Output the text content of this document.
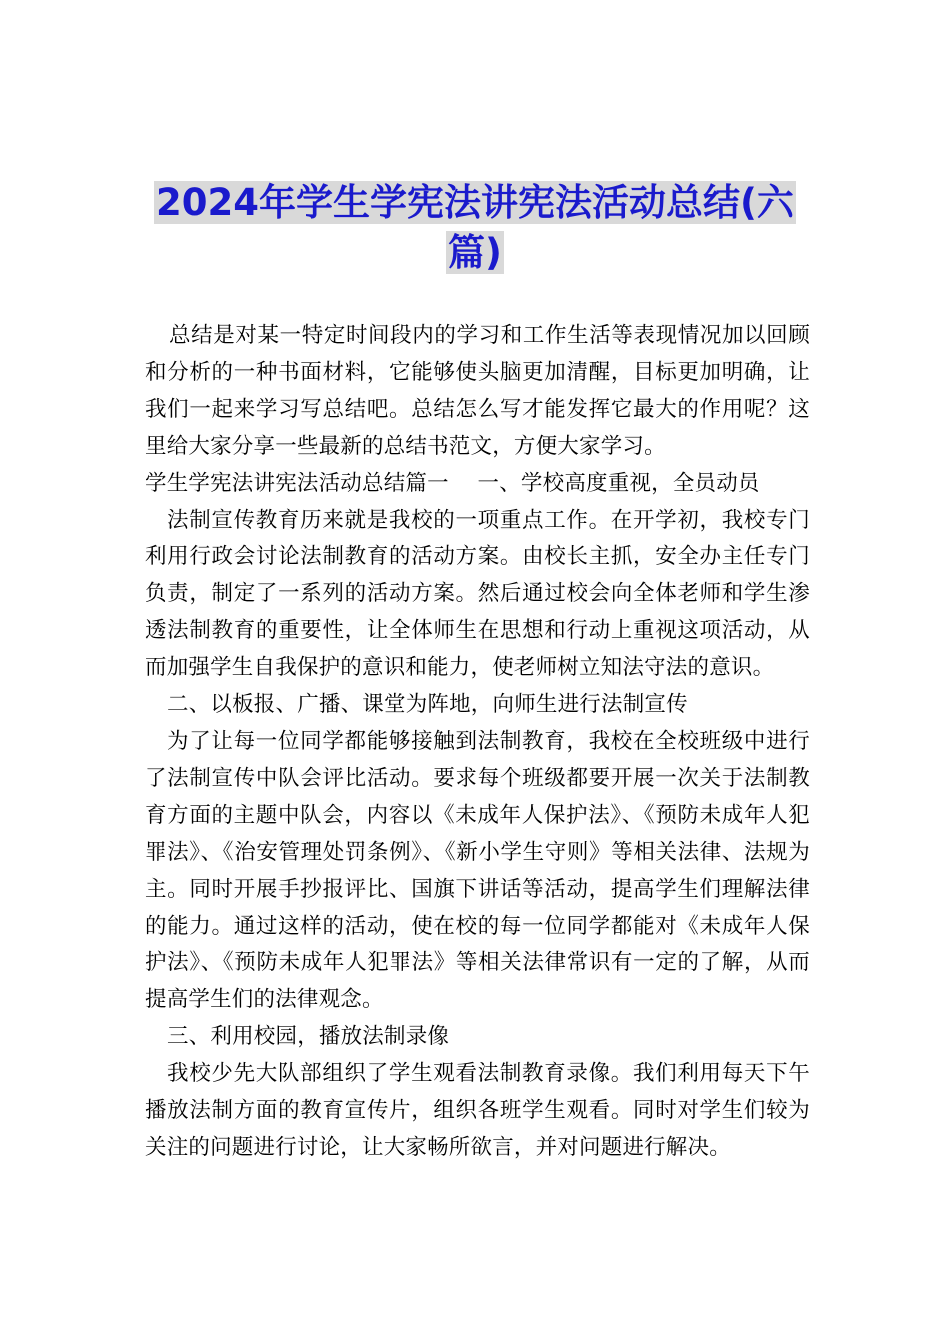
2024年学生学宪法讲宪法活动总结(六
篇)

总结是对某一特定时间段内的学习和工作生活等表现情况加以回顾和分析的一种书面材料，它能够使头脑更加清醒，目标更加明确，让我们一起来学习写总结吧。总结怎么写才能发挥它最大的作用呢？这里给大家分享一些最新的总结书范文，方便大家学习。

学生学宪法讲宪法活动总结篇一　 一、学校高度重视，全员动员

法制宣传教育历来就是我校的一项重点工作。在开学初，我校专门利用行政会讨论法制教育的活动方案。由校长主抓，安全办主任专门负责，制定了一系列的活动方案。然后通过校会向全体老师和学生渗透法制教育的重要性，让全体师生在思想和行动上重视这项活动，从而加强学生自我保护的意识和能力，使老师树立知法守法的意识。

二、以板报、广播、课堂为阵地，向师生进行法制宣传

为了让每一位同学都能够接触到法制教育，我校在全校班级中进行了法制宣传中队会评比活动。要求每个班级都要开展一次关于法制教育方面的主题中队会，内容以《未成年人保护法》、《预防未成年人犯罪法》、《治安管理处罚条例》、《新小学生守则》等相关法律、法规为主。同时开展手抄报评比、国旗下讲话等活动，提高学生们理解法律的能力。通过这样的活动，使在校的每一位同学都能对《未成年人保护法》、《预防未成年人犯罪法》等相关法律常识有一定的了解，从而提高学生们的法律观念。

三、利用校园，播放法制录像

我校少先大队部组织了学生观看法制教育录像。我们利用每天下午播放法制方面的教育宣传片，组织各班学生观看。同时对学生们较为关注的问题进行讨论，让大家畅所欲言，并对问题进行解决。
